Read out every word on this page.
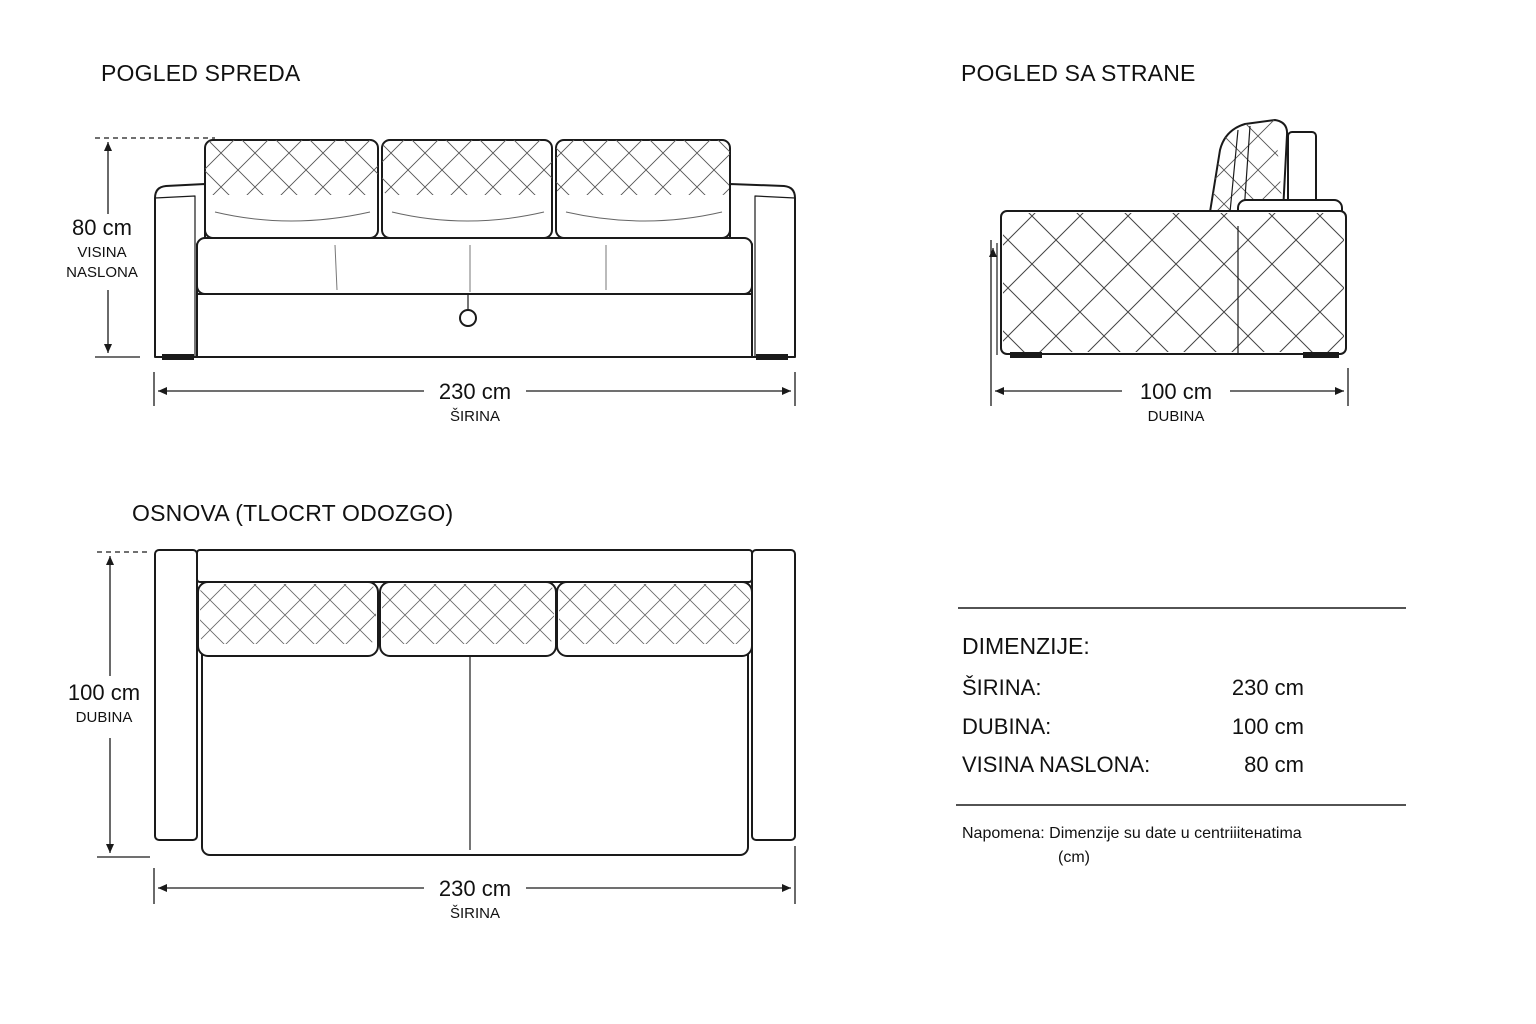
POGLED SPREDA	POGLED SA STRANE
OSNOVA (TLOCRT ODOZGO)
80 cm
VISINA
NASLONA
230 cm
ŠIRINA
100 cm
DUBINA
100 cm
DUBINA
230 cm
ŠIRINA
DIMENZIJE:
ŠIRINA:	230 cm
DUBINA:	100 cm
VISINA NASLONA:	80 cm
Napomena: Dimenzije su date u centriiiteнatima
(cm)
